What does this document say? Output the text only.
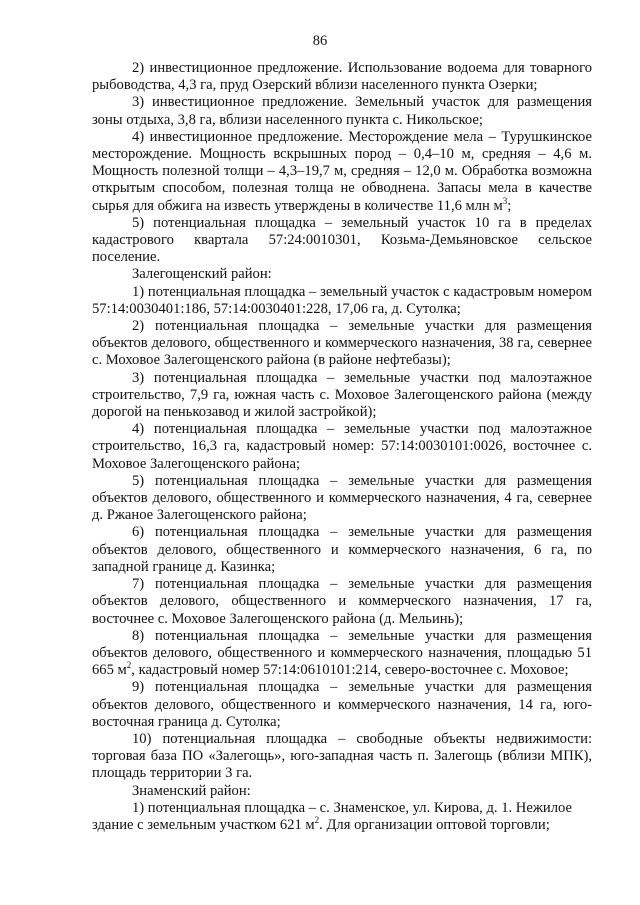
86

2) инвестиционное предложение. Использование водоема для товарного рыбоводства, 4,3 га, пруд Озерский вблизи населенного пункта Озерки;

3) инвестиционное предложение. Земельный участок для размещения зоны отдыха, 3,8 га, вблизи населенного пункта с. Никольское;

4) инвестиционное предложение. Месторождение мела – Турушкинское месторождение. Мощность вскрышных пород – 0,4–10 м, средняя – 4,6 м. Мощность полезной толщи – 4,3–19,7 м, средняя – 12,0 м. Обработка возможна открытым способом, полезная толща не обводнена. Запасы мела в качестве сырья для обжига на известь утверждены в количестве 11,6 млн $м^3$;

5) потенциальная площадка – земельный участок 10 га в пределах кадастрового квартала 57:24:0010301, Козьма-Демьяновское сельское поселение.

Залегощенский район:

1) потенциальная площадка – земельный участок с кадастровым номером 57:14:0030401:186, 57:14:0030401:228, 17,06 га, д. Сутолка;

2) потенциальная площадка – земельные участки для размещения объектов делового, общественного и коммерческого назначения, 38 га, севернее с. Моховое Залегощенского района (в районе нефтебазы);

3) потенциальная площадка – земельные участки под малоэтажное строительство, 7,9 га, южная часть с. Моховое Залегощенского района (между дорогой на пенькозавод и жилой застройкой);

4) потенциальная площадка – земельные участки под малоэтажное строительство, 16,3 га, кадастровый номер: 57:14:0030101:0026, восточнее с. Моховое Залегощенского района;

5) потенциальная площадка – земельные участки для размещения объектов делового, общественного и коммерческого назначения, 4 га, севернее д. Ржаное Залегощенского района;

6) потенциальная площадка – земельные участки для размещения объектов делового, общественного и коммерческого назначения, 6 га, по западной границе д. Казинка;

7) потенциальная площадка – земельные участки для размещения объектов делового, общественного и коммерческого назначения, 17 га, восточнее с. Моховое Залегощенского района (д. Мельинь);

8) потенциальная площадка – земельные участки для размещения объектов делового, общественного и коммерческого назначения, площадью 51 665 $м^2$, кадастровый номер 57:14:0610101:214, северо-восточнее с. Моховое;

9) потенциальная площадка – земельные участки для размещения объектов делового, общественного и коммерческого назначения, 14 га, юго-восточная граница д. Сутолка;

10) потенциальная площадка – свободные объекты недвижимости: торговая база ПО «Залегощь», юго-западная часть п. Залегощь (вблизи МПК), площадь территории 3 га.

Знаменский район:

1) потенциальная площадка – с. Знаменское, ул. Кирова, д. 1. Нежилое здание с земельным участком 621 $м^2$. Для организации оптовой торговли;
